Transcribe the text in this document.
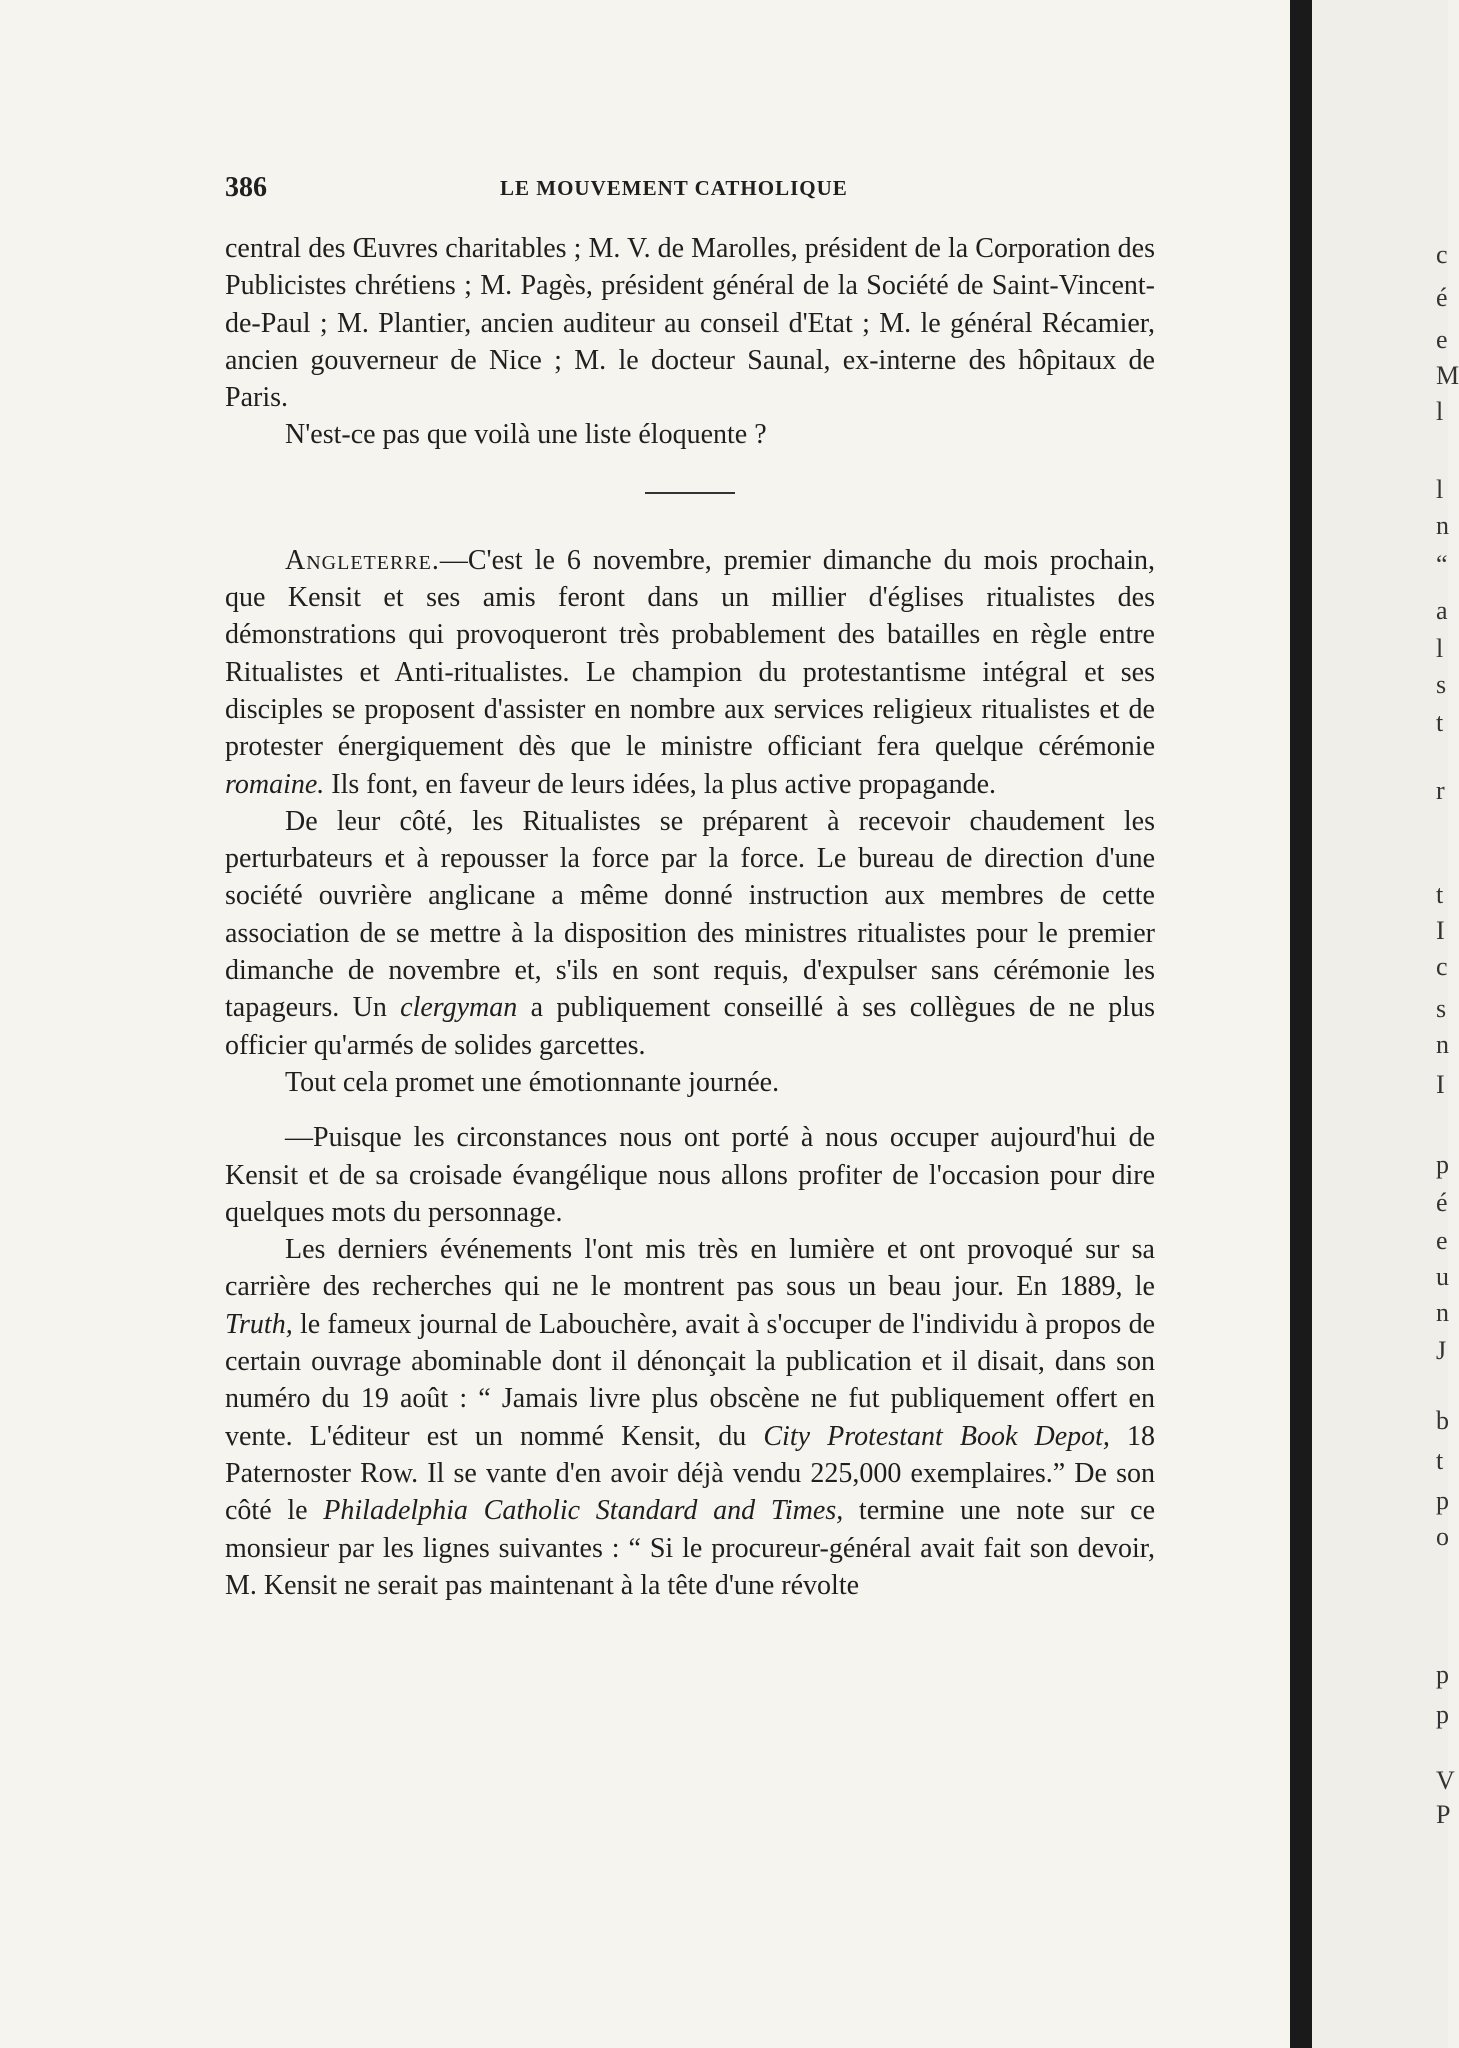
386	LE MOUVEMENT CATHOLIQUE

central des Œuvres charitables ; M. V. de Marolles, président de la Corporation des Publicistes chrétiens ; M. Pagès, président général de la Société de Saint-Vincent-de-Paul ; M. Plantier, ancien auditeur au conseil d'Etat ; M. le général Récamier, ancien gouverneur de Nice ; M. le docteur Saunal, ex-interne des hôpitaux de Paris.

N'est-ce pas que voilà une liste éloquente ?

Angleterre.—C'est le 6 novembre, premier dimanche du mois prochain, que Kensit et ses amis feront dans un millier d'églises ritualistes des démonstrations qui provoqueront très probablement des batailles en règle entre Ritualistes et Anti-ritualistes. Le champion du protestantisme intégral et ses disciples se proposent d'assister en nombre aux services religieux ritualistes et de protester énergiquement dès que le ministre officiant fera quelque cérémonie romaine. Ils font, en faveur de leurs idées, la plus active propagande.

De leur côté, les Ritualistes se préparent à recevoir chaudement les perturbateurs et à repousser la force par la force. Le bureau de direction d'une société ouvrière anglicane a même donné instruction aux membres de cette association de se mettre à la disposition des ministres ritualistes pour le premier dimanche de novembre et, s'ils en sont requis, d'expulser sans cérémonie les tapageurs. Un clergyman a publiquement conseillé à ses collègues de ne plus officier qu'armés de solides garcettes.

Tout cela promet une émotionnante journée.

—Puisque les circonstances nous ont porté à nous occuper aujourd'hui de Kensit et de sa croisade évangélique nous allons profiter de l'occasion pour dire quelques mots du personnage.

Les derniers événements l'ont mis très en lumière et ont provoqué sur sa carrière des recherches qui ne le montrent pas sous un beau jour. En 1889, le Truth, le fameux journal de Labouchère, avait à s'occuper de l'individu à propos de certain ouvrage abominable dont il dénonçait la publication et il disait, dans son numéro du 19 août : “ Jamais livre plus obscène ne fut publiquement offert en vente. L'éditeur est un nommé Kensit, du City Protestant Book Depot, 18 Paternoster Row. Il se vante d'en avoir déjà vendu 225,000 exemplaires.” De son côté le Philadelphia Catholic Standard and Times, termine une note sur ce monsieur par les lignes suivantes : “ Si le procureur-général avait fait son devoir, M. Kensit ne serait pas maintenant à la tête d'une révolte

c
é
e
M
l
l
n
“
a
l
s
t
r
t
I
c
s
n
I
p
é
e
u
n
J
b
t
p
o
p
p
V
P
